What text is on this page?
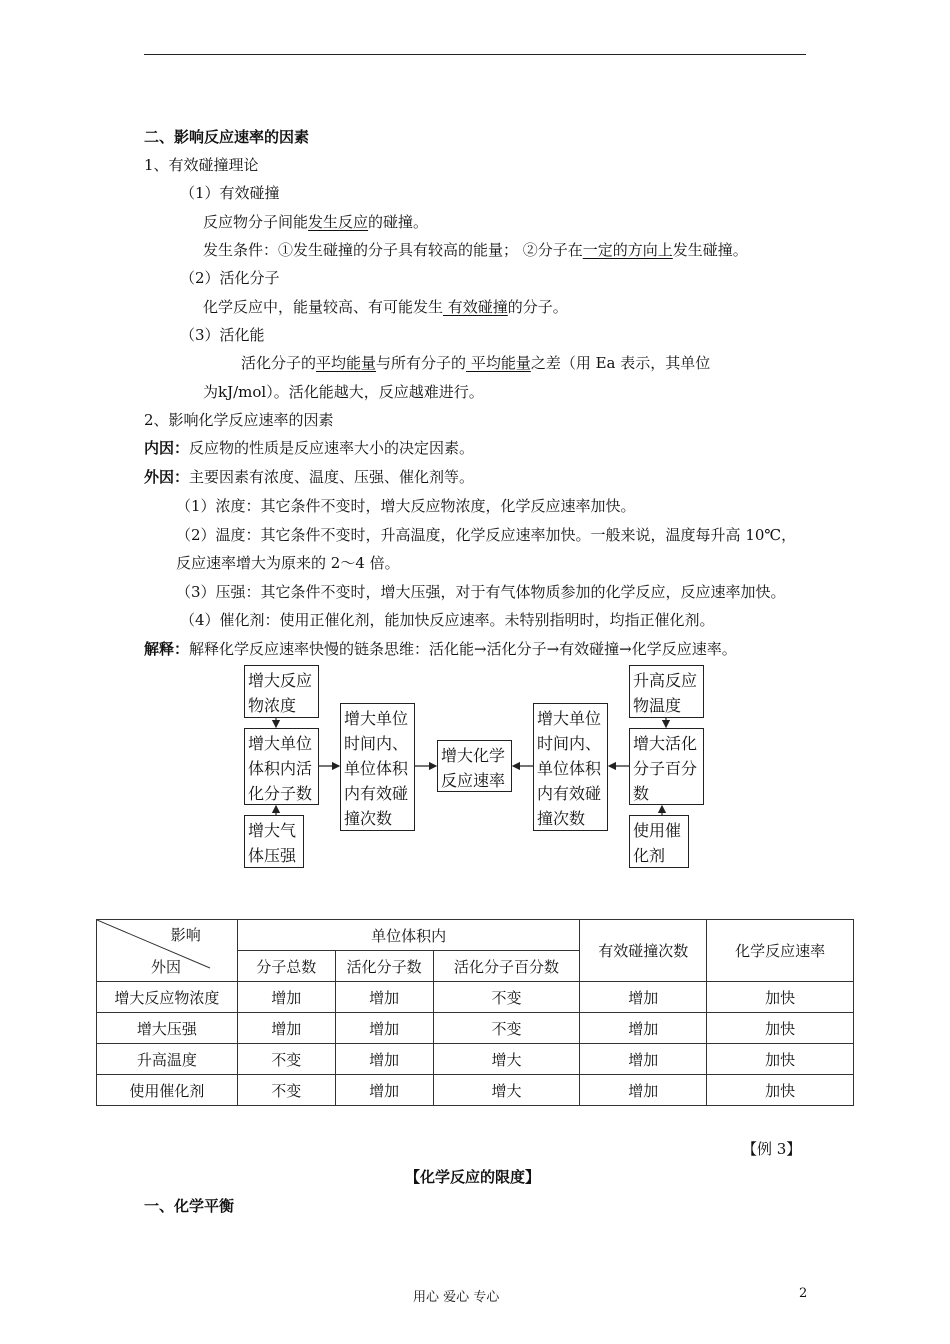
二、影响反应速率的因素
1、有效碰撞理论
（1）有效碰撞
反应物分子间能发生反应的碰撞。
发生条件：①发生碰撞的分子具有较高的能量； ②分子在一定的方向上发生碰撞。
（2）活化分子
化学反应中，能量较高、有可能发生 有效碰撞的分子。
（3）活化能
活化分子的平均能量与所有分子的 平均能量之差（用 Ea 表示，其单位
为kJ/mol）。活化能越大，反应越难进行。
2、影响化学反应速率的因素
内因：反应物的性质是反应速率大小的决定因素。
外因：主要因素有浓度、温度、压强、催化剂等。
（1）浓度：其它条件不变时，增大反应物浓度，化学反应速率加快。
（2）温度：其它条件不变时，升高温度，化学反应速率加快。一般来说，温度每升高 10℃，
反应速率增大为原来的 2～4 倍。
（3）压强：其它条件不变时，增大压强，对于有气体物质参加的化学反应，反应速率加快。
（4）催化剂：使用正催化剂，能加快反应速率。未特别指明时，均指正催化剂。
解释：解释化学反应速率快慢的链条思维：活化能→活化分子→有效碰撞→化学反应速率。
增大反应
物浓度
增大单位
体积内活
化分子数
增大气
体压强
增大单位
时间内、
单位体积
内有效碰
撞次数
增大化学
反应速率
增大单位
时间内、
单位体积
内有效碰
撞次数
升高反应
物温度
增大活化
分子百分
数
使用催
化剂
影响
外因	单位体积内			有效碰撞次数	化学反应速率
	分子总数	活化分子数	活化分子百分数		
增大反应物浓度	增加	增加	不变	增加	加快
增大压强	增加	增加	不变	增加	加快
升高温度	不变	增加	增大	增加	加快
使用催化剂	不变	增加	增大	增加	加快
【例 3】
【化学反应的限度】
一、化学平衡
用心 爱心 专心	2
